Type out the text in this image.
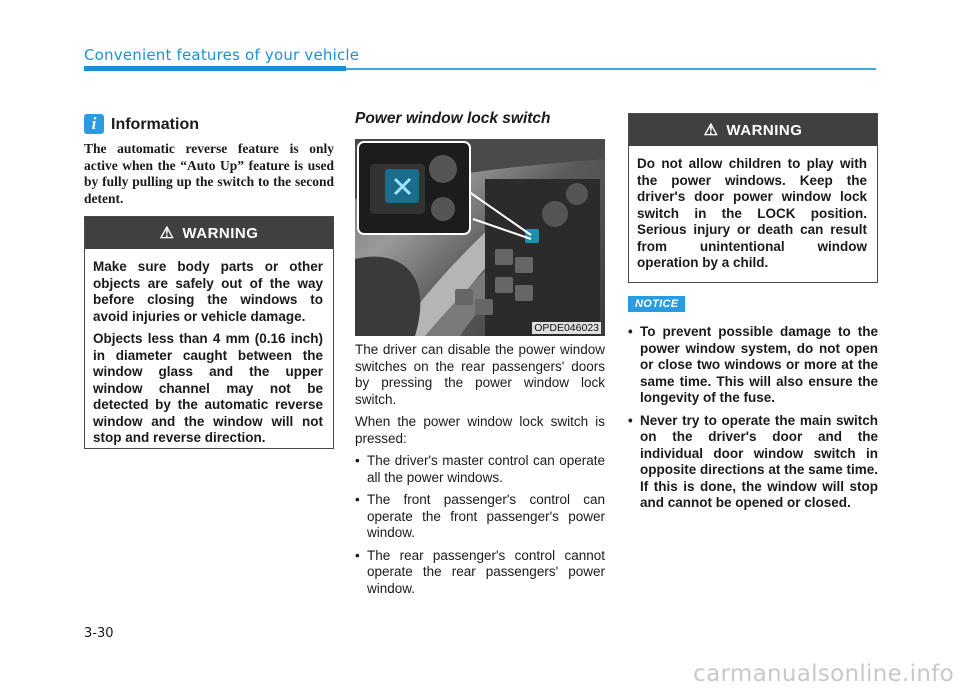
Convenient features of your vehicle
i Information
The automatic reverse feature is only active when the “Auto Up” feature is used by fully pulling up the switch to the second detent.
⚠ WARNING

Make sure body parts or other objects are safely out of the way before closing the windows to avoid injuries or vehicle damage.

Objects less than 4 mm (0.16 inch) in diameter caught between the window glass and the upper window channel may not be detected by the automatic reverse window and the window will not stop and reverse direction.

Power window lock switch
OPDE046023

The driver can disable the power window switches on the rear passengers' doors by pressing the power window lock switch.

When the power window lock switch is pressed:

• The driver's master control can operate all the power windows.
• The front passenger's control can operate the front passenger's power window.
• The rear passenger's control cannot operate the rear passengers' power window.
⚠ WARNING

Do not allow children to play with the power windows. Keep the driver's door power window lock switch in the LOCK position. Serious injury or death can result from unintentional window operation by a child.

NOTICE
• To prevent possible damage to the power window system, do not open or close two windows or more at the same time. This will also ensure the longevity of the fuse.
• Never try to operate the main switch on the driver's door and the individual door window switch in opposite directions at the same time. If this is done, the window will stop and cannot be opened or closed.
3-30
carmanualsonline.info
